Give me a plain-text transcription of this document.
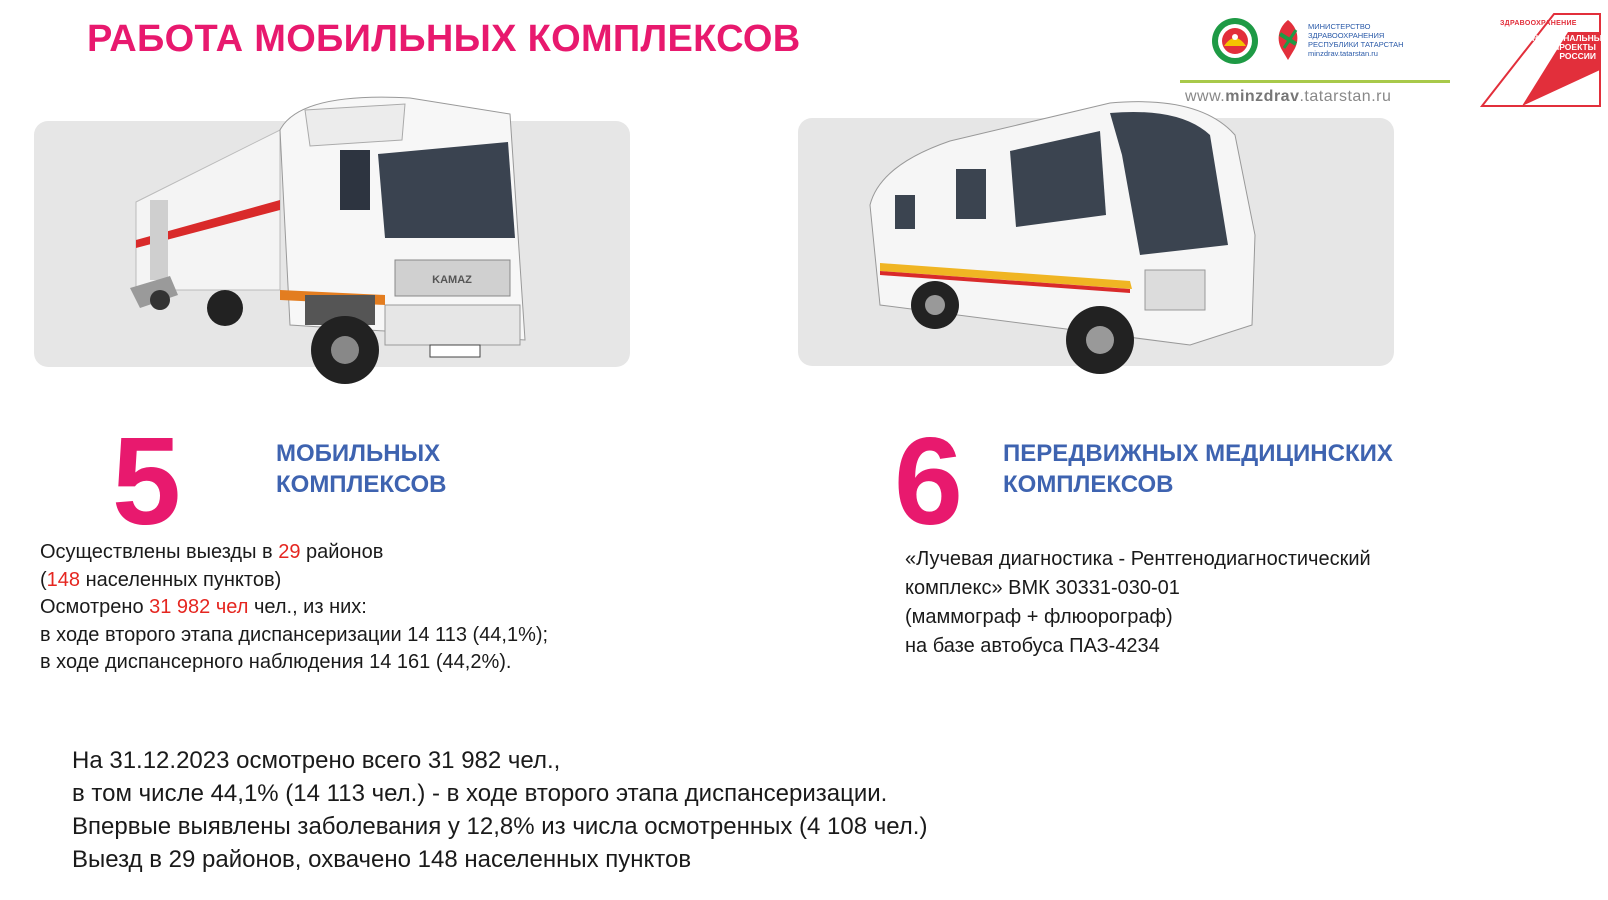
РАБОТА МОБИЛЬНЫХ КОМПЛЕКСОВ	МИНИСТЕРСТВО ЗДРАВООХРАНЕНИЯ
РЕСПУБЛИКИ ТАТАРСТАН
minzdrav.tatarstan.ru
www.minzdrav.tatarstan.ru
ЗДРАВООХРАНЕНИЕ
НАЦИОНАЛЬНЫЕ ПРОЕКТЫ РОССИИ
KAMAZ
5	МОБИЛЬНЫХ
КОМПЛЕКСОВ
Осуществлены выезды в 29 районов
(148 населенных пунктов)
Осмотрено 31 982 чел чел., из них:
в ходе второго этапа диспансеризации 14 113 (44,1%);
в ходе диспансерного наблюдения 14 161 (44,2%).
6 ПЕРЕДВИЖНЫХ МЕДИЦИНСКИХ
КОМПЛЕКСОВ
«Лучевая диагностика - Рентгенодиагностический
комплекс» ВМК 30331-030-01
(маммограф + флюорограф)
на базе автобуса ПАЗ-4234
На 31.12.2023 осмотрено всего 31 982 чел.,
в том числе 44,1% (14 113 чел.) - в ходе второго этапа диспансеризации.
Впервые выявлены заболевания у 12,8% из числа осмотренных (4 108 чел.)
Выезд в 29 районов, охвачено 148 населенных пунктов
